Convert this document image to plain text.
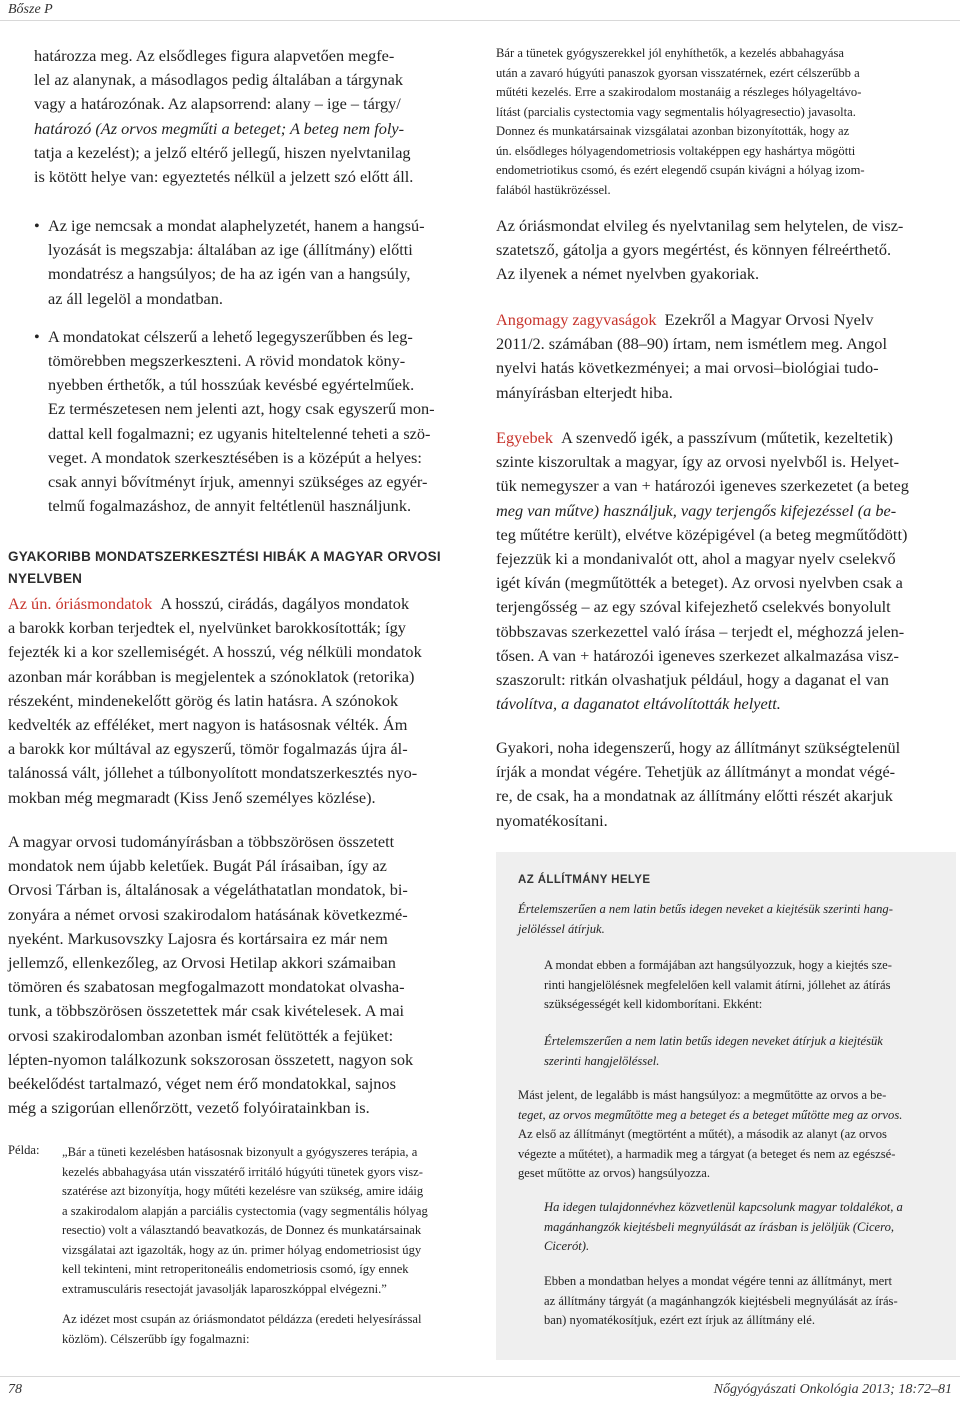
Bősze P

határozza meg. Az elsődleges figura alapvetően megfe-

lel az alanynak, a másodlagos pedig általában a tárgynak

vagy a határozónak. Az alapsorrend: alany – ige – tárgy/

határozó (Az orvos megműti a beteget; A beteg nem foly-

tatja a kezelést); a jelző eltérő jellegű, hiszen nyelvtanilag

is kötött helye van: egyeztetés nélkül a jelzett szó előtt áll.

• Az ige nemcsak a mondat alaphelyzetét, hanem a hangsú-
lyozását is megszabja: általában az ige (állítmány) előtti
mondatrész a hangsúlyos; de ha az igén van a hangsúly,
az áll legelöl a mondatban.
• A mondatokat célszerű a lehető legegyszerűbben és leg-
tömörebben megszerkeszteni. A rövid mondatok köny-
nyebben érthetők, a túl hosszúak kevésbé egyértelműek.
Ez természetesen nem jelenti azt, hogy csak egyszerű mon-
dattal kell fogalmazni; ez ugyanis hiteltelenné teheti a szö-
veget. A mondatok szerkesztésében is a középút a helyes:
csak annyi bővítményt írjuk, amennyi szükséges az egyér-
telmű fogalmazáshoz, de annyit feltétlenül használjunk.
GYAKORIBB MONDATSZERKESZTÉSI HIBÁK A MAGYAR ORVOSI
NYELVBEN

Az ún. óriásmondatok A hosszú, cirádás, dagályos mondatok

a barokk korban terjedtek el, nyelvünket barokkosították; így

fejezték ki a kor szellemiségét. A hosszú, vég nélküli mondatok

azonban már korábban is megjelentek a szónoklatok (retorika)

részeként, mindenekelőtt görög és latin hatásra. A szónokok

kedvelték az efféléket, mert nagyon is hatásosnak vélték. Ám

a barokk kor múltával az egyszerű, tömör fogalmazás újra ál-

talánossá vált, jóllehet a túlbonyolított mondatszerkesztés nyo-

mokban még megmaradt (Kiss Jenő személyes közlése).

A magyar orvosi tudományírásban a többszörösen összetett

mondatok nem újabb keletűek. Bugát Pál írásaiban, így az

Orvosi Tárban is, általánosak a végeláthatatlan mondatok, bi-

zonyára a német orvosi szakirodalom hatásának következmé-

nyeként. Markusovszky Lajosra és kortársaira ez már nem

jellemző, ellenkezőleg, az Orvosi Hetilap akkori számaiban

tömören és szabatosan megfogalmazott mondatokat olvasha-

tunk, a többszörösen összetettek már csak kivételesek. A mai

orvosi szakirodalomban azonban ismét felütötték a fejüket:

lépten-nyomon találkozunk sokszorosan összetett, nagyon sok

beékelődést tartalmazó, véget nem érő mondatokkal, sajnos

még a szigorúan ellenőrzött, vezető folyóiratainkban is.

Példa: „Bár a tüneti kezelésben hatásosnak bizonyult a gyógyszeres terápia, a

kezelés abbahagyása után visszatérő irritáló húgyúti tünetek gyors visz-

szatérése azt bizonyítja, hogy műtéti kezelésre van szükség, amire idáig

a szakirodalom alapján a parciális cystectomia (vagy segmentális hólyag

resectio) volt a választandó beavatkozás, de Donnez és munkatársainak

vizsgálatai azt igazolták, hogy az ún. primer hólyag endometriosist úgy

kell tekinteni, mint retroperitoneális endometriosis csomó, így ennek

extramusculáris resectoját javasolják laparoszkóppal elvégezni.”

Az idézet most csupán az óriásmondatot példázza (eredeti helyesírással

közlöm). Célszerűbb így fogalmazni:

Bár a tünetek gyógyszerekkel jól enyhíthetők, a kezelés abbahagyása

után a zavaró húgyúti panaszok gyorsan visszatérnek, ezért célszerűbb a

műtéti kezelés. Erre a szakirodalom mostanáig a részleges hólyageltávo-

lítást (parcialis cystectomia vagy segmentalis hólyagresectio) javasolta.

Donnez és munkatársainak vizsgálatai azonban bizonyították, hogy az

ún. elsődleges hólyagendometriosis voltaképpen egy hashártya mögötti

endometriotikus csomó, és ezért elegendő csupán kivágni a hólyag izom-

falából hastükrözéssel.

Az óriásmondat elvileg és nyelvtanilag sem helytelen, de visz-

szatetsző, gátolja a gyors megértést, és könnyen félreérthető.

Az ilyenek a német nyelvben gyakoriak.

Angomagy zagyvaságok Ezekről a Magyar Orvosi Nyelv

2011/2. számában (88–90) írtam, nem ismétlem meg. Angol

nyelvi hatás következményei; a mai orvosi–biológiai tudo-

mányírásban elterjedt hiba.

Egyebek A szenvedő igék, a passzívum (műtetik, kezeltetik)

szinte kiszorultak a magyar, így az orvosi nyelvből is. Helyet-

tük nemegyszer a van + határozói igeneves szerkezetet (a beteg

meg van műtve) használjuk, vagy terjengős kifejezéssel (a be-

teg műtétre került), elvétve középigével (a beteg megműtődött)

fejezzük ki a mondanivalót ott, ahol a magyar nyelv cselekvő

igét kíván (megműtötték a beteget). Az orvosi nyelvben csak a

terjengősség – az egy szóval kifejezhető cselekvés bonyolult

többszavas szerkezettel való írása – terjedt el, méghozzá jelen-

tősen. A van + határozói igeneves szerkezet alkalmazása visz-

szaszorult: ritkán olvashatjuk például, hogy a daganat el van

távolítva, a daganatot eltávolították helyett.

Gyakori, noha idegenszerű, hogy az állítmányt szükségtelenül

írják a mondat végére. Tehetjük az állítmányt a mondat végé-

re, de csak, ha a mondatnak az állítmány előtti részét akarjuk

nyomatékosítani.

AZ ÁLLÍTMÁNY HELYE

Értelemszerűen a nem latin betűs idegen neveket a kiejtésük szerinti hang-

jelöléssel átírjuk.

A mondat ebben a formájában azt hangsúlyozzuk, hogy a kiejtés sze-

rinti hangjelölésnek megfelelően kell valamit átírni, jóllehet az átírás

szükségességét kell kidomborítani. Ekként:

Értelemszerűen a nem latin betűs idegen neveket átírjuk a kiejtésük

szerinti hangjelöléssel.

Mást jelent, de legalább is mást hangsúlyoz: a megműtötte az orvos a be-

teget, az orvos megműtötte meg a beteget és a beteget műtötte meg az orvos.

Az első az állítmányt (megtörtént a műtét), a második az alanyt (az orvos

végezte a műtétet), a harmadik meg a tárgyat (a beteget és nem az egészsé-

geset műtötte az orvos) hangsúlyozza.

Ha idegen tulajdonnévhez közvetlenül kapcsolunk magyar toldalékot, a

magánhangzók kiejtésbeli megnyúlását az írásban is jelöljük (Cicero,

Cicerót).

Ebben a mondatban helyes a mondat végére tenni az állítmányt, mert

az állítmány tárgyát (a magánhangzók kiejtésbeli megnyúlását az írás-

ban) nyomatékosítjuk, ezért ezt írjuk az állítmány elé.

78	Nőgyógyászati Onkológia 2013; 18:72–81
